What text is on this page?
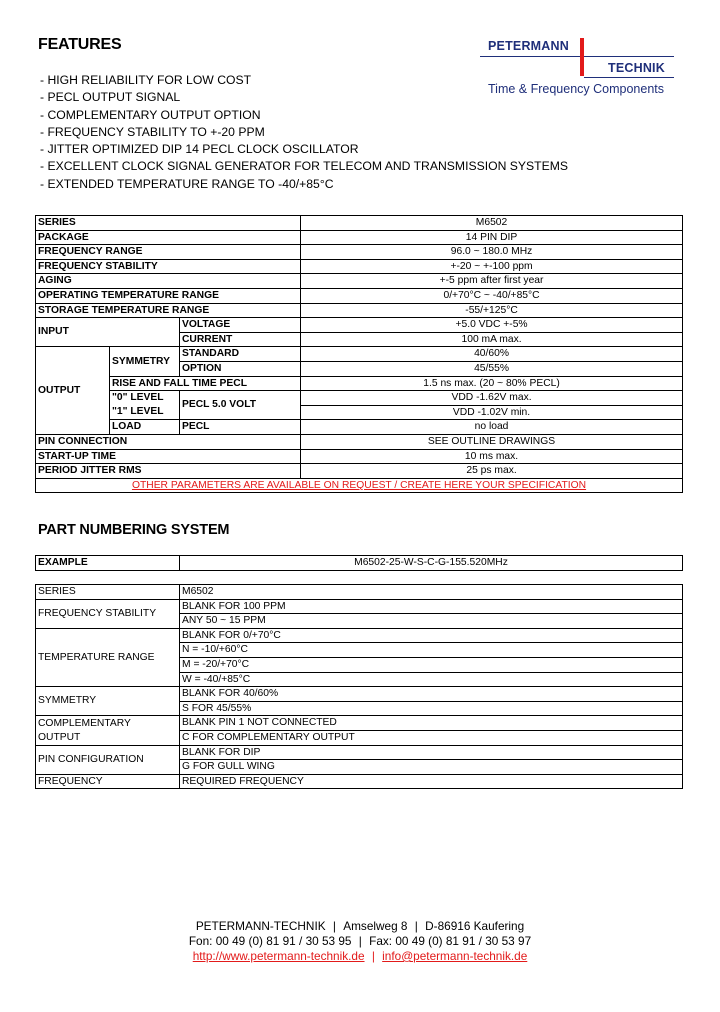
FEATURES
- HIGH RELIABILITY FOR LOW COST
- PECL OUTPUT SIGNAL
- COMPLEMENTARY OUTPUT OPTION
- FREQUENCY STABILITY TO +-20 PPM
- JITTER OPTIMIZED DIP 14 PECL CLOCK OSCILLATOR
- EXCELLENT CLOCK SIGNAL GENERATOR FOR TELECOM AND TRANSMISSION SYSTEMS
- EXTENDED TEMPERATURE RANGE TO -40/+85°C
PETERMANN
TECHNIK
Time & Frequency Components
SERIES			M6502
PACKAGE			14 PIN DIP
FREQUENCY RANGE			96.0 ~ 180.0 MHz
FREQUENCY STABILITY			+-20 ~ +-100 ppm
AGING			+-5 ppm after first year
OPERATING TEMPERATURE RANGE			0/+70°C ~ -40/+85°C
STORAGE TEMPERATURE RANGE			-55/+125°C
INPUT		VOLTAGE	+5.0 VDC +-5%
		CURRENT	100 mA max.
OUTPUT	SYMMETRY	STANDARD	40/60%
		OPTION	45/55%
	RISE AND FALL TIME PECL		1.5 ns max. (20 ~ 80% PECL)
	"0" LEVEL	PECL 5.0 VOLT	VDD -1.62V max.
	"1" LEVEL		VDD -1.02V min.
	LOAD	PECL	no load
PIN CONNECTION			SEE OUTLINE DRAWINGS
START-UP TIME			10 ms max.
PERIOD JITTER RMS			25 ps max.
OTHER PARAMETERS ARE AVAILABLE ON REQUEST / CREATE HERE YOUR SPECIFICATION			
PART NUMBERING SYSTEM
EXAMPLE	M6502-25-W-S-C-G-155.520MHz
SERIES	M6502
FREQUENCY STABILITY	BLANK FOR 100 PPM
	ANY 50 ~ 15 PPM
TEMPERATURE RANGE	BLANK FOR 0/+70°C
	N = -10/+60°C
	M = -20/+70°C
	W = -40/+85°C
SYMMETRY	BLANK FOR 40/60%
	S FOR 45/55%
COMPLEMENTARY	BLANK PIN 1 NOT CONNECTED
OUTPUT	C FOR COMPLEMENTARY OUTPUT
PIN CONFIGURATION	BLANK FOR DIP
	G FOR GULL WING
FREQUENCY	REQUIRED FREQUENCY
PETERMANN-TECHNIK | Amselweg 8 | D-86916 Kaufering
Fon: 00 49 (0) 81 91 / 30 53 95 | Fax: 00 49 (0) 81 91 / 30 53 97
http://www.petermann-technik.de | info@petermann-technik.de
